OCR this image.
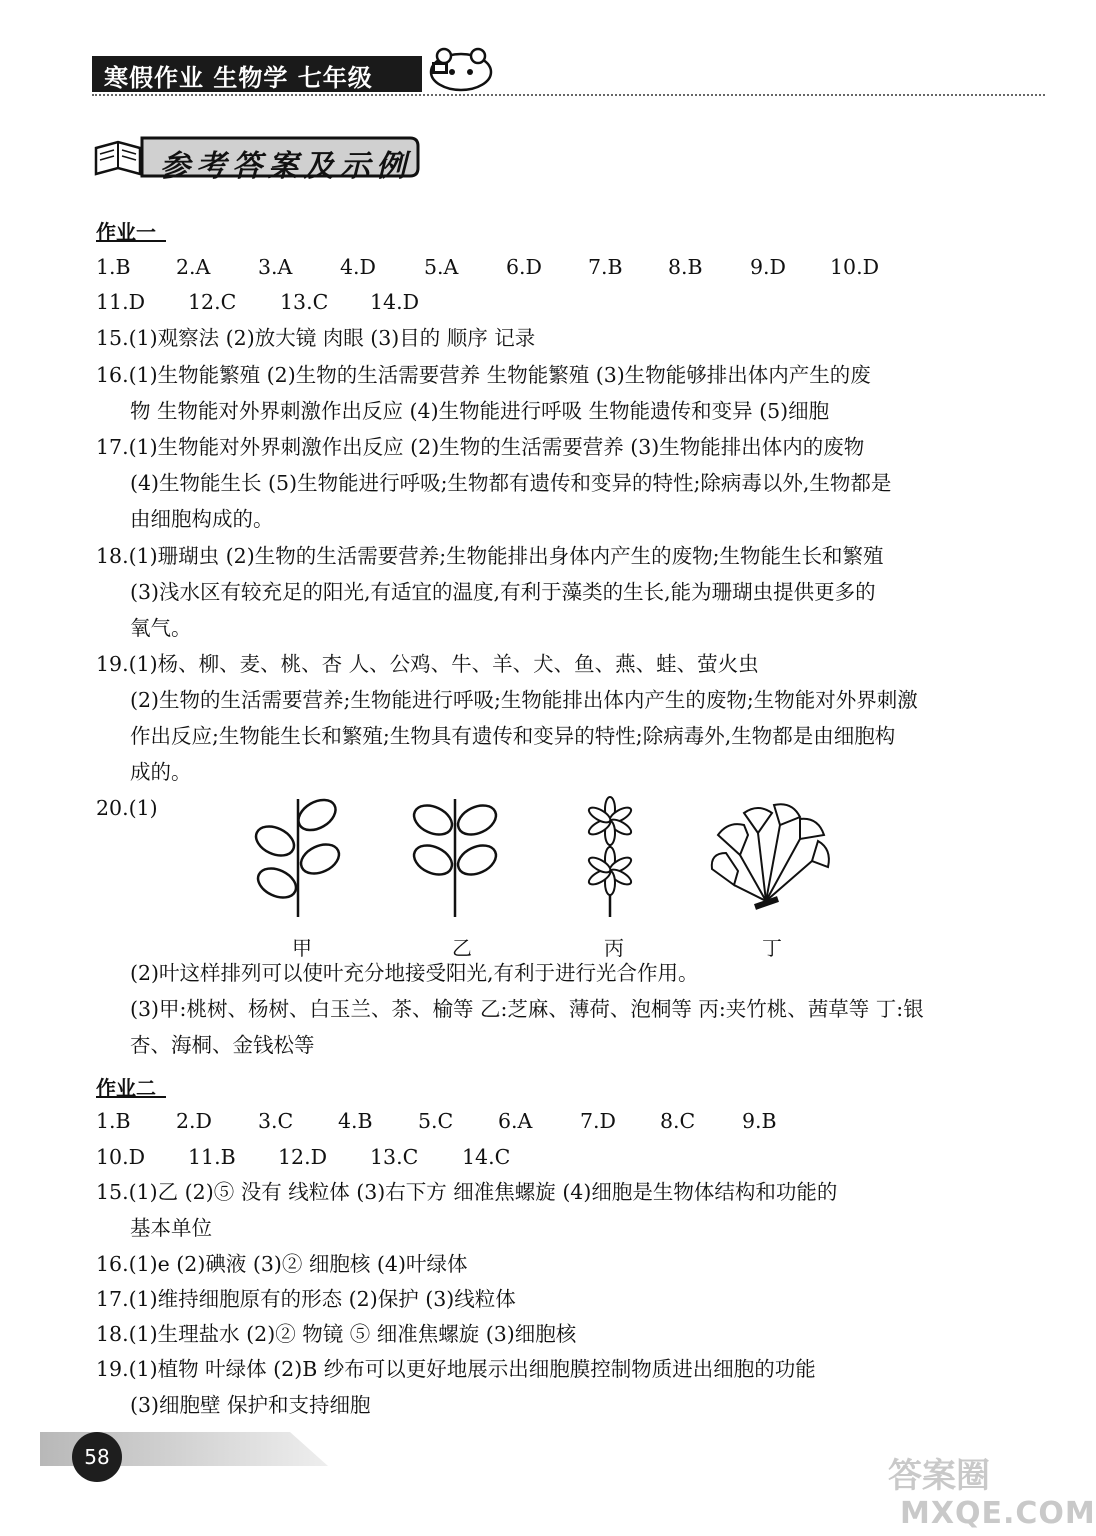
寒假作业 生物学 七年级
参考答案及示例
作业一
1.B 2.A 3.A 4.D 5.A 6.D 7.B 8.B 9.D 10.D
11.D 12.C 13.C 14.D
15.(1)观察法 (2)放大镜 肉眼 (3)目的 顺序 记录
16.(1)生物能繁殖 (2)生物的生活需要营养 生物能繁殖 (3)生物能够排出体内产生的废
物 生物能对外界刺激作出反应 (4)生物能进行呼吸 生物能遗传和变异 (5)细胞
17.(1)生物能对外界刺激作出反应 (2)生物的生活需要营养 (3)生物能排出体内的废物
(4)生物能生长 (5)生物能进行呼吸;生物都有遗传和变异的特性;除病毒以外,生物都是
由细胞构成的。
18.(1)珊瑚虫 (2)生物的生活需要营养;生物能排出身体内产生的废物;生物能生长和繁殖
(3)浅水区有较充足的阳光,有适宜的温度,有利于藻类的生长,能为珊瑚虫提供更多的
氧气。
19.(1)杨、柳、麦、桃、杏 人、公鸡、牛、羊、犬、鱼、燕、蛙、萤火虫
(2)生物的生活需要营养;生物能进行呼吸;生物能排出体内产生的废物;生物能对外界刺激
作出反应;生物能生长和繁殖;生物具有遗传和变异的特性;除病毒外,生物都是由细胞构
成的。
20.(1)
甲	乙	丙	丁
(2)叶这样排列可以使叶充分地接受阳光,有利于进行光合作用。
(3)甲:桃树、杨树、白玉兰、茶、榆等 乙:芝麻、薄荷、泡桐等 丙:夹竹桃、茜草等 丁:银
杏、海桐、金钱松等
作业二
1.B 2.D 3.C 4.B 5.C 6.A 7.D 8.C 9.B
10.D 11.B 12.D 13.C 14.C
15.(1)乙 (2)⑤ 没有 线粒体 (3)右下方 细准焦螺旋 (4)细胞是生物体结构和功能的
基本单位
16.(1)e (2)碘液 (3)② 细胞核 (4)叶绿体
17.(1)维持细胞原有的形态 (2)保护 (3)线粒体
18.(1)生理盐水 (2)② 物镜 ⑤ 细准焦螺旋 (3)细胞核
19.(1)植物 叶绿体 (2)B 纱布可以更好地展示出细胞膜控制物质进出细胞的功能
(3)细胞壁 保护和支持细胞
58	答案圈
MXQE.COM
